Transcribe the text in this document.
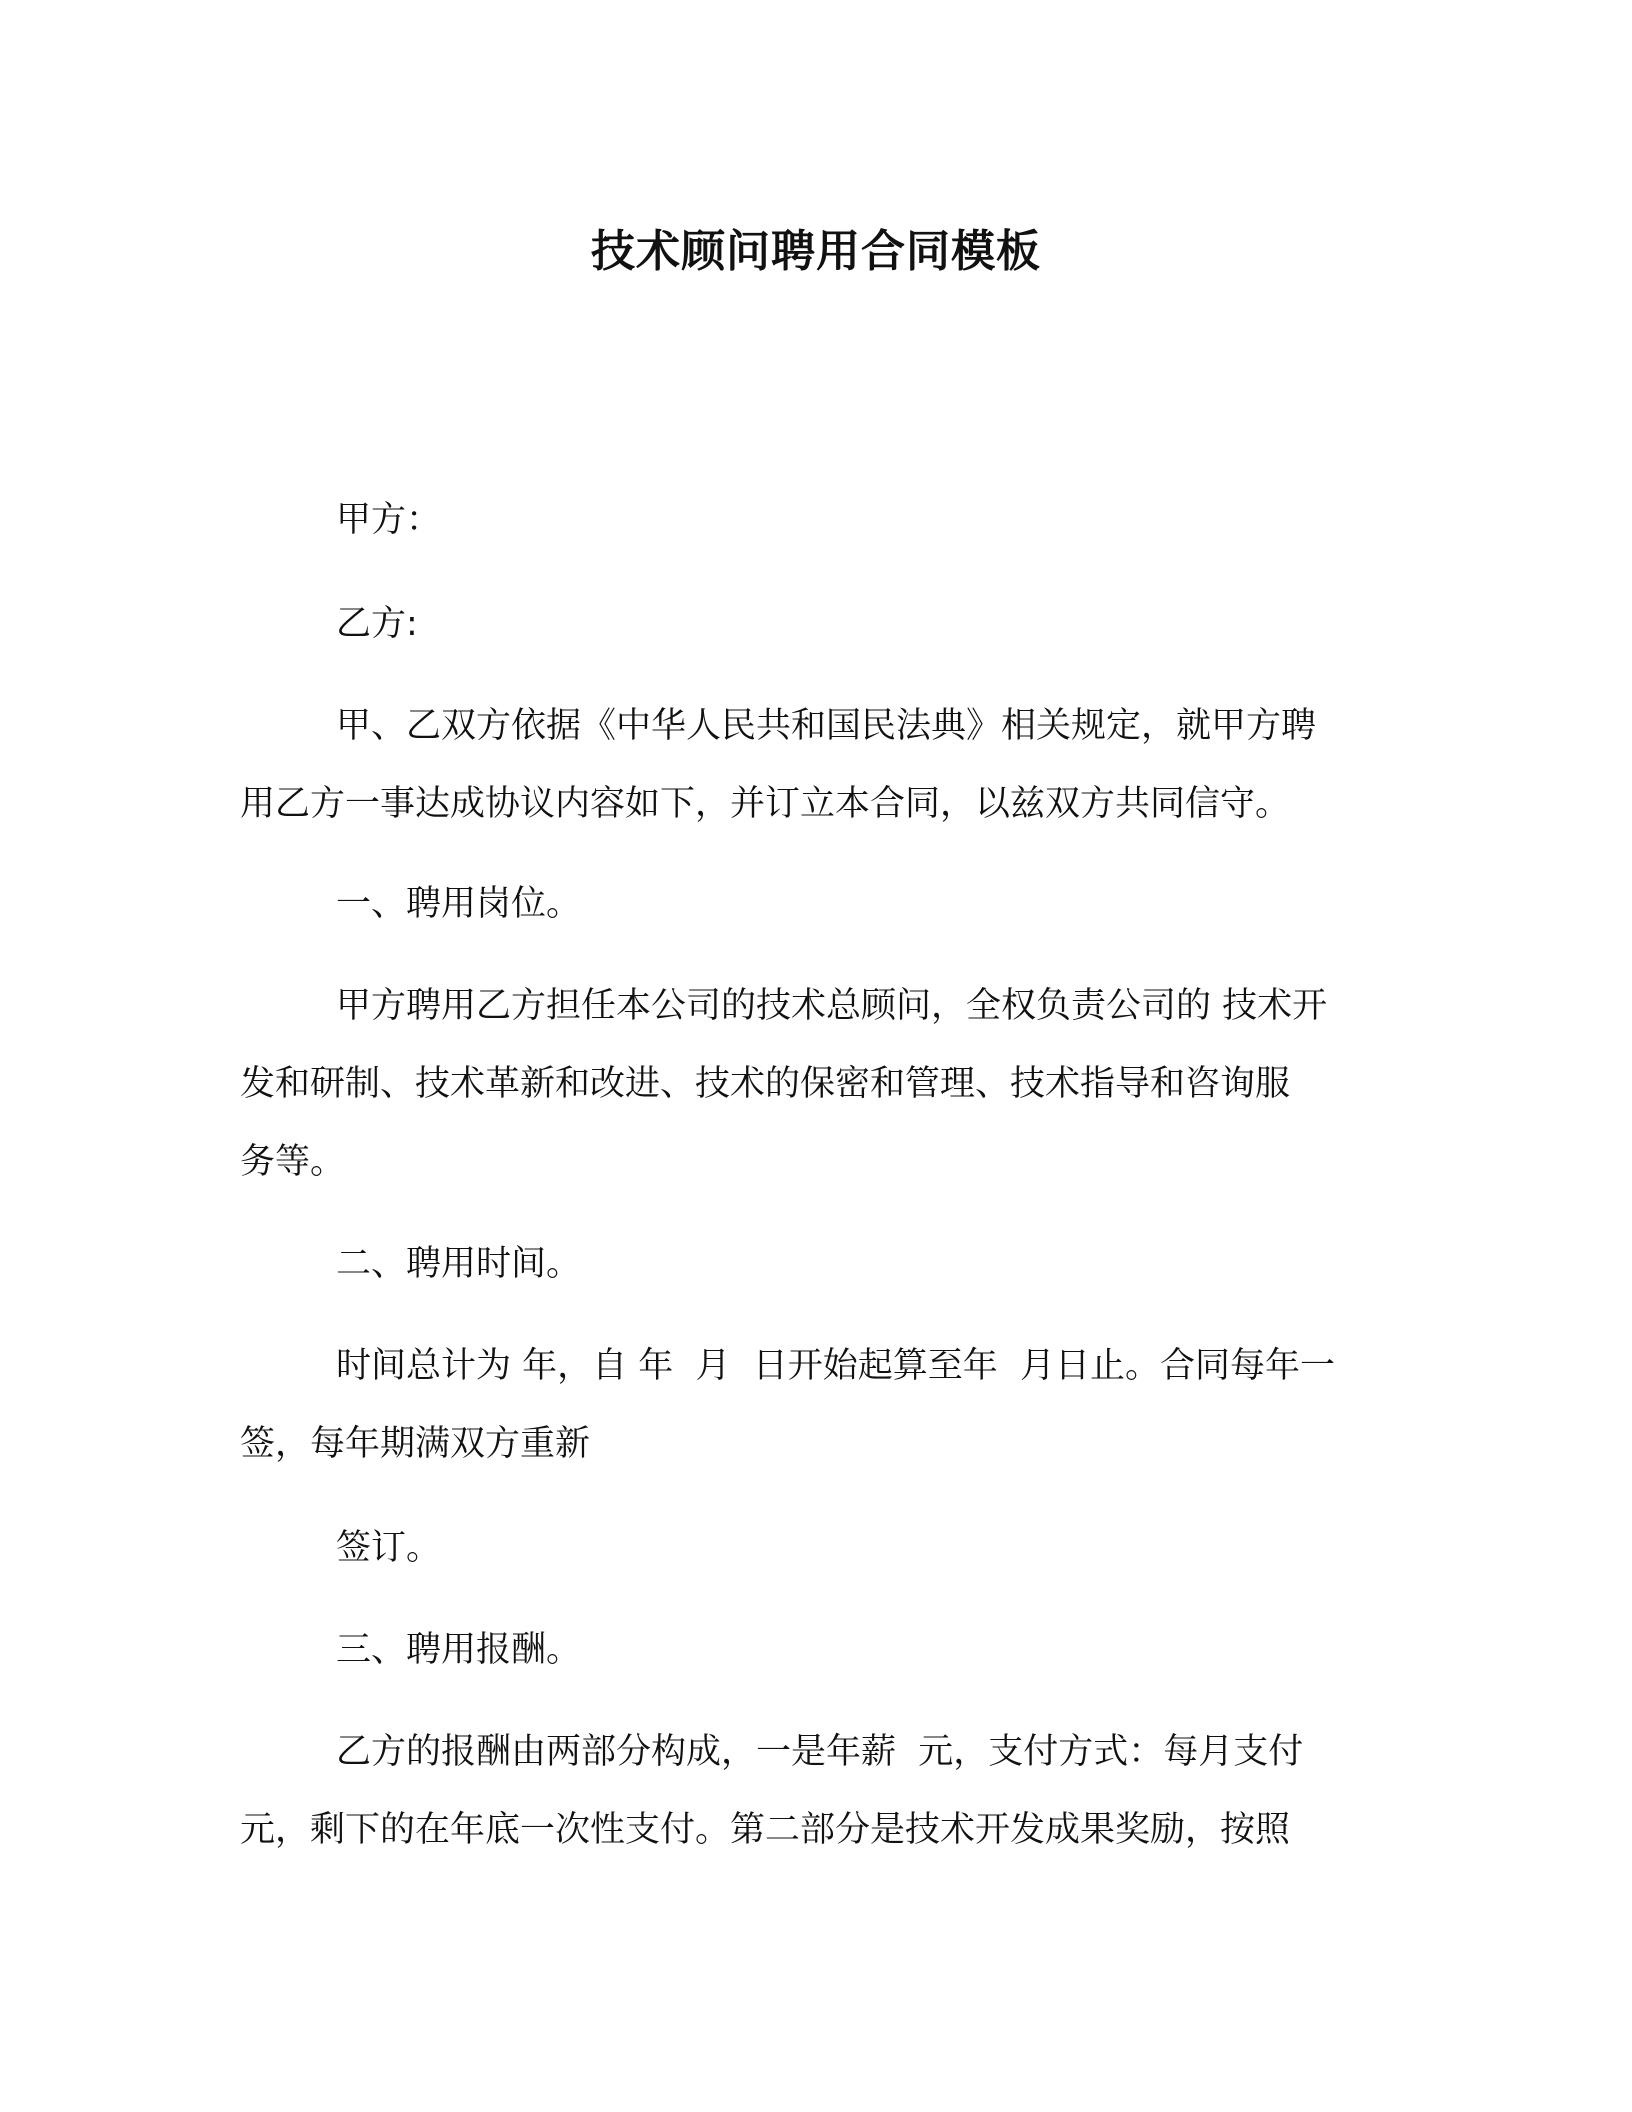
技术顾问聘用合同模板

甲方：

乙方:

甲、乙双方依据《中华人民共和国民法典》相关规定，就甲方聘

用乙方一事达成协议内容如下，并订立本合同，以兹双方共同信守。

一、聘用岗位。

甲方聘用乙方担任本公司的技术总顾问，全权负责公司的 技术开

发和研制、技术革新和改进、技术的保密和管理、技术指导和咨询服

务等。

二、聘用时间。

时间总计为 年，自 年  月  日开始起算至年  月日止。合同每年一

签，每年期满双方重新

签订。

三、聘用报酬。

乙方的报酬由两部分构成，一是年薪  元，支付方式：每月支付

元，剩下的在年底一次性支付。第二部分是技术开发成果奖励，按照
